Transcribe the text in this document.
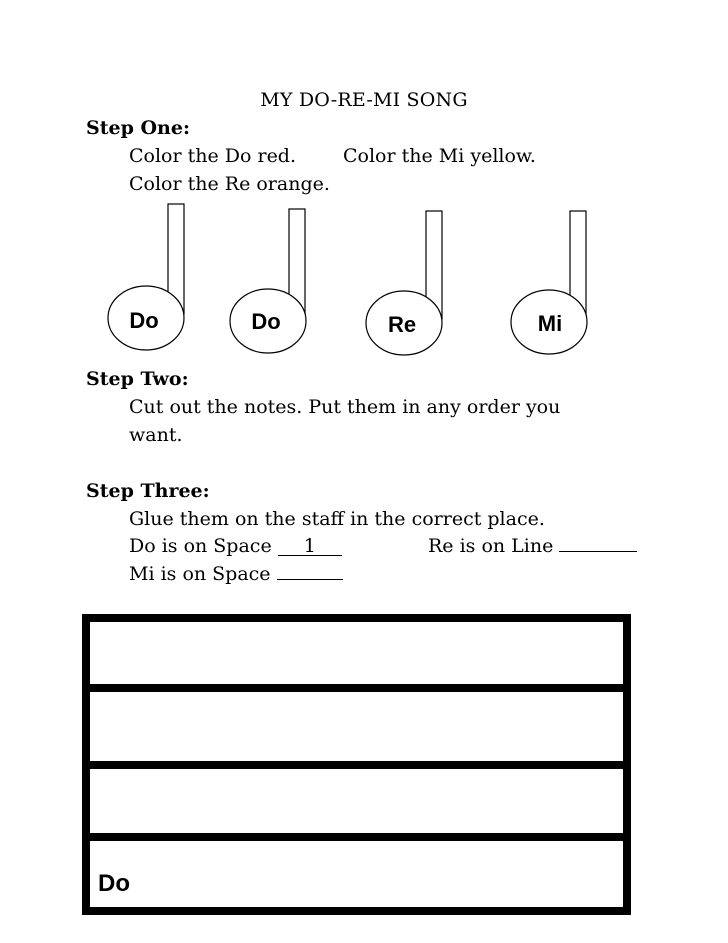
MY DO-RE-MI SONG
Step One:
Color the Do red. Color the Mi yellow.
Color the Re orange.
Do	Do	Re	Mi
Step Two:
Cut out the notes. Put them in any order you
want.
Step Three:
Glue them on the staff in the correct place.
Do is on Space 1	Re is on Line
Mi is on Space
Do
